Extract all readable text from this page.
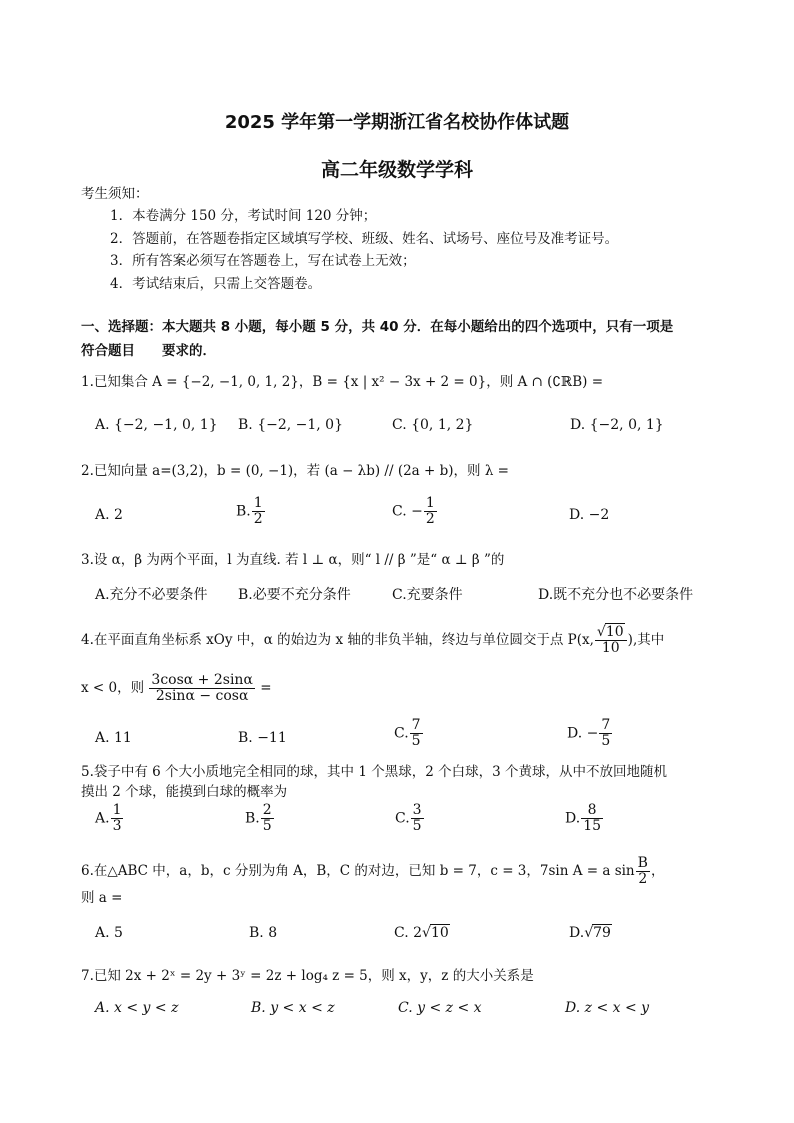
2025 学年第一学期浙江省名校协作体试题
高二年级数学学科
考生须知：
1．本卷满分 150 分，考试时间 120 分钟；
2．答题前，在答题卷指定区域填写学校、班级、姓名、试场号、座位号及准考证号。
3．所有答案必须写在答题卷上，写在试卷上无效；
4．考试结束后，只需上交答题卷。
一、选择题：本大题共 8 小题，每小题 5 分，共 40 分．在每小题给出的四个选项中，只有一项是
符合题目　　要求的．
1.已知集合 A = {−2, −1, 0, 1, 2}，B = {x | x² − 3x + 2 = 0}，则 A ∩ (∁ℝB) =
A. {−2, −1, 0, 1} B. {−2, −1, 0}	C. {0, 1, 2}	D. {−2, 0, 1}
2.已知向量 a=(3,2)，b = (0, −1)，若 (a − λb) // (2a + b)，则 λ =
A. 2	B. $\frac{1}{2}$	C. − $\frac{1}{2}$	D. −2
3.设 α，β 为两个平面，l 为直线. 若 l ⊥ α，则“ l // β ”是“ α ⊥ β ”的
A.充分不必要条件 B.必要不充分条件	C.充要条件	D.既不充分也不必要条件
4.在平面直角坐标系 xOy 中，α 的始边为 x 轴的非负半轴，终边与单位圆交于点 P(x, $\frac{√10}{10}$ ),其中
x < 0，则 $\frac{3\cos\alpha + 2\sin\alpha}{2\sin\alpha - \cos\alpha}$ =
A. 11	B. −11	C. $\frac{7}{5}$	D. − $\frac{7}{5}$
5.袋子中有 6 个大小质地完全相同的球，其中 1 个黑球，2 个白球，3 个黄球，从中不放回地随机
摸出 2 个球，能摸到白球的概率为
A. $\frac{1}{3}$	B. $\frac{2}{5}$	C. $\frac{3}{5}$	D. $\frac{8}{15}$
6.在△ABC 中，a，b，c 分别为角 A，B，C 的对边，已知 b = 7，c = 3，7sin A = a $\sin \frac{B}{2}$ ，
则 a =
A. 5	B. 8	C. 2√10	D.√79
7.已知 2x + 2ˣ = 2y + 3ʸ = 2z + log₄ z = 5，则 x，y，z 的大小关系是
A. x < y < z	B. y < x < z	C. y < z < x	D. z < x < y
